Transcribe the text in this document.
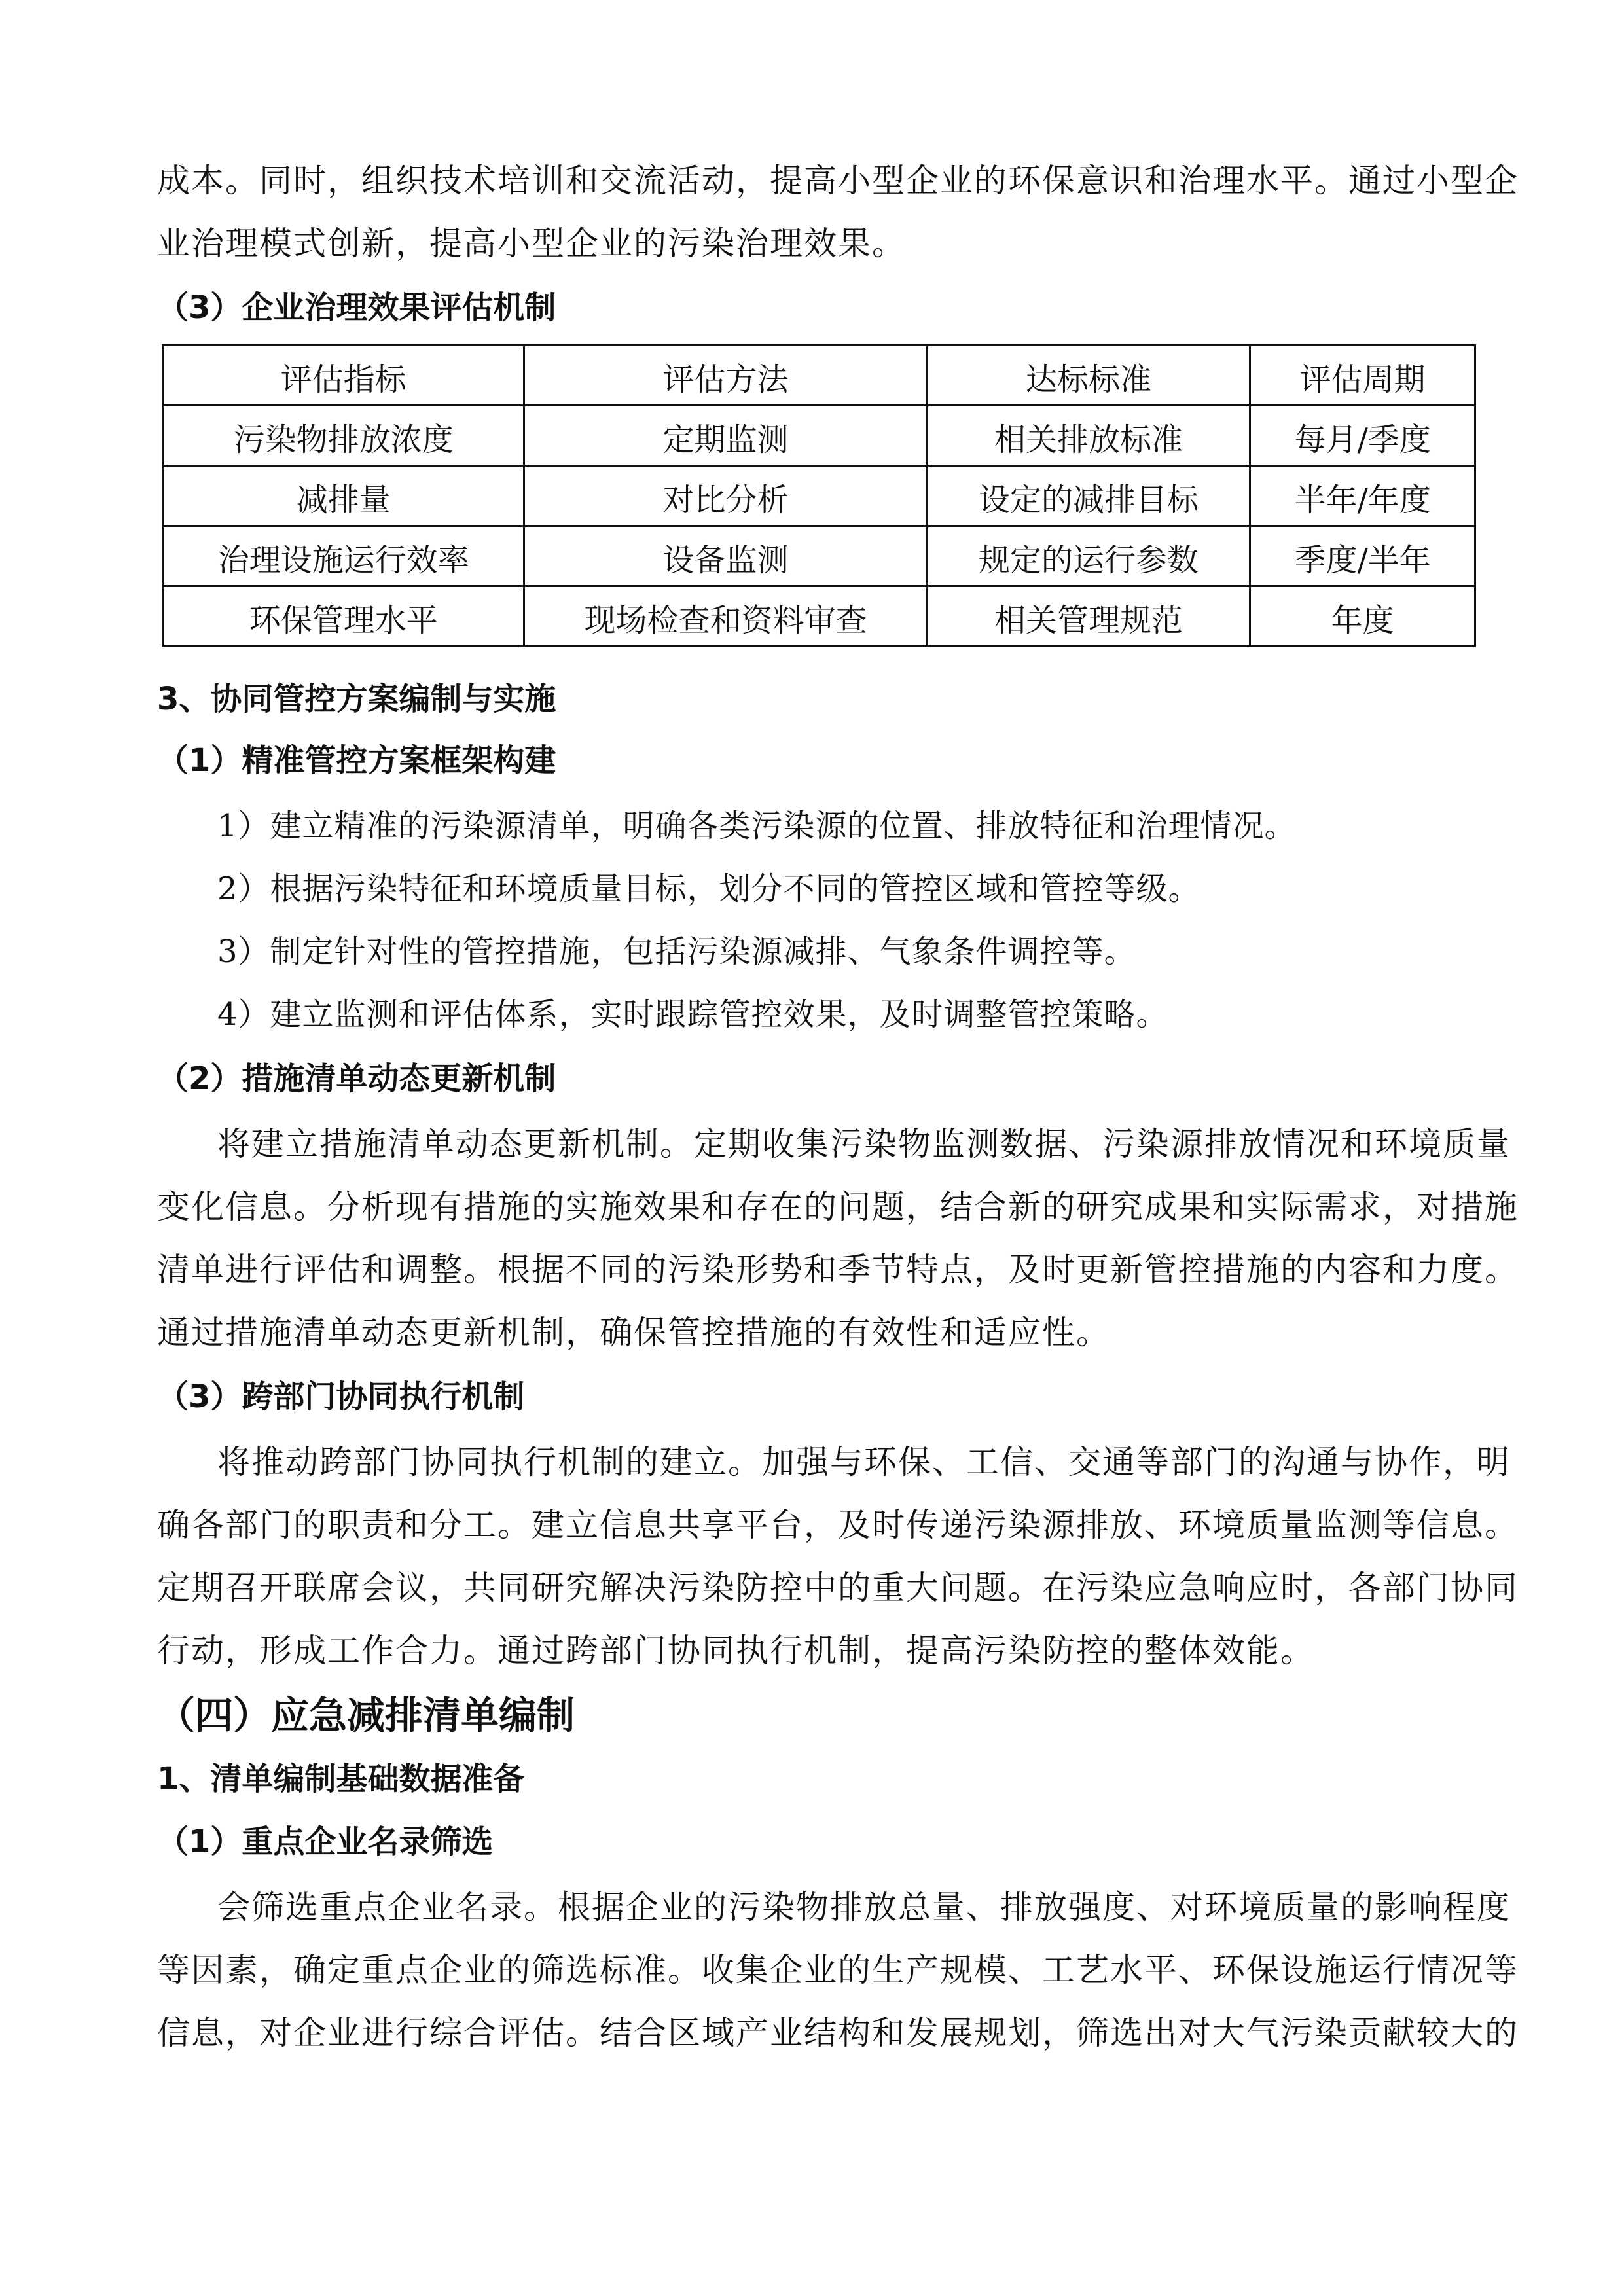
成本。同时，组织技术培训和交流活动，提高小型企业的环保意识和治理水平。通过小型企
业治理模式创新，提高小型企业的污染治理效果。
（3）企业治理效果评估机制
评估指标	评估方法	达标标准	评估周期
污染物排放浓度	定期监测	相关排放标准	每月/季度
减排量	对比分析	设定的减排目标	半年/年度
治理设施运行效率	设备监测	规定的运行参数	季度/半年
环保管理水平	现场检查和资料审查	相关管理规范	年度
3、协同管控方案编制与实施
（1）精准管控方案框架构建
1）建立精准的污染源清单，明确各类污染源的位置、排放特征和治理情况。
2）根据污染特征和环境质量目标，划分不同的管控区域和管控等级。
3）制定针对性的管控措施，包括污染源减排、气象条件调控等。
4）建立监测和评估体系，实时跟踪管控效果，及时调整管控策略。
（2）措施清单动态更新机制
将建立措施清单动态更新机制。定期收集污染物监测数据、污染源排放情况和环境质量
变化信息。分析现有措施的实施效果和存在的问题，结合新的研究成果和实际需求，对措施
清单进行评估和调整。根据不同的污染形势和季节特点，及时更新管控措施的内容和力度。
通过措施清单动态更新机制，确保管控措施的有效性和适应性。
（3）跨部门协同执行机制
将推动跨部门协同执行机制的建立。加强与环保、工信、交通等部门的沟通与协作，明
确各部门的职责和分工。建立信息共享平台，及时传递污染源排放、环境质量监测等信息。
定期召开联席会议，共同研究解决污染防控中的重大问题。在污染应急响应时，各部门协同
行动，形成工作合力。通过跨部门协同执行机制，提高污染防控的整体效能。
（四）应急减排清单编制
1、清单编制基础数据准备
（1）重点企业名录筛选
会筛选重点企业名录。根据企业的污染物排放总量、排放强度、对环境质量的影响程度
等因素，确定重点企业的筛选标准。收集企业的生产规模、工艺水平、环保设施运行情况等
信息，对企业进行综合评估。结合区域产业结构和发展规划，筛选出对大气污染贡献较大的
